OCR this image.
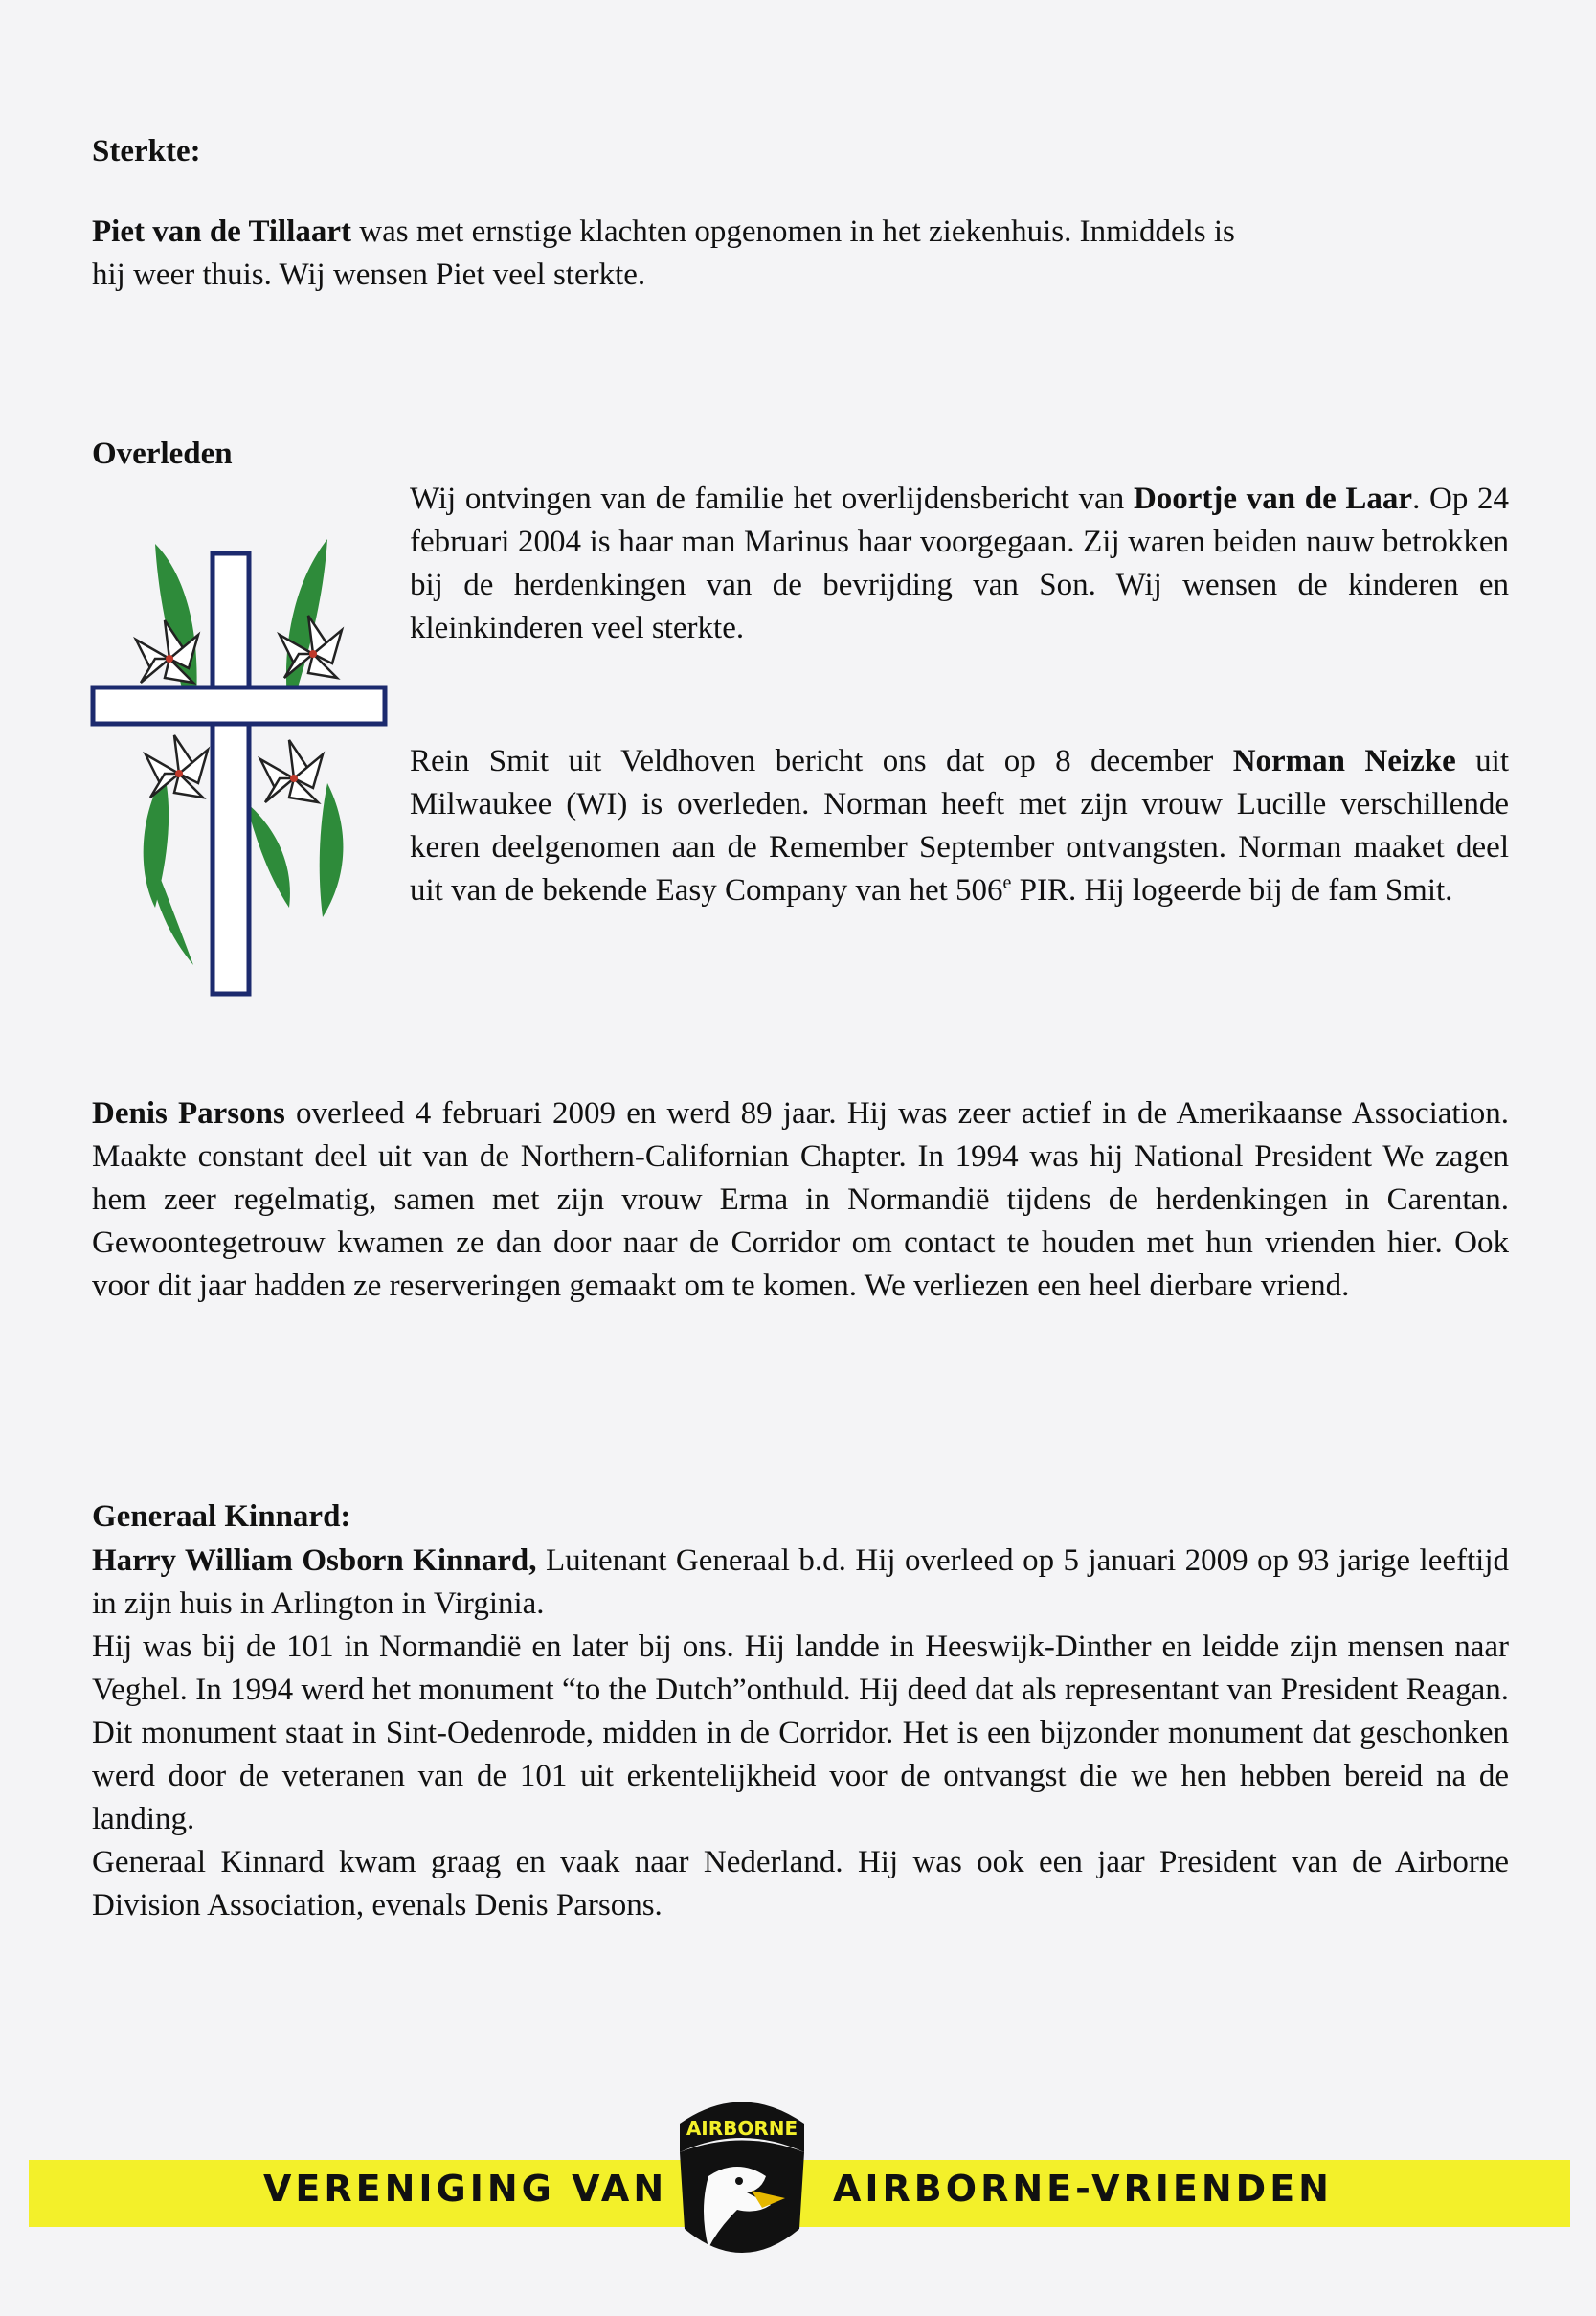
Sterkte:

Piet van de Tillaart was met ernstige klachten opgenomen in het ziekenhuis. Inmiddels is

hij weer thuis. Wij wensen Piet veel sterkte.

Overleden
Wij ontvingen van de familie het overlijdensbericht van Doortje van de Laar. Op 24 februari 2004 is haar man Marinus haar voorgegaan. Zij waren beiden nauw betrokken bij de herdenkingen van de bevrijding van Son. Wij wensen de kinderen en kleinkinderen veel sterkte.
Rein Smit uit Veldhoven bericht ons dat op 8 december Norman Neizke uit Milwaukee (WI) is overleden. Norman heeft met zijn vrouw Lucille verschillende keren deelgenomen aan de Remember September ontvangsten. Norman maaket deel uit van de bekende Easy Company van het 506e PIR. Hij logeerde bij de fam Smit.
Denis Parsons overleed 4 februari 2009 en werd 89 jaar. Hij was zeer actief in de Amerikaanse Association. Maakte constant deel uit van de Northern-Californian Chapter. In 1994 was hij National President We zagen hem zeer regelmatig, samen met zijn vrouw Erma in Normandië tijdens de herdenkingen in Carentan. Gewoontegetrouw kwamen ze dan door naar de Corridor om contact te houden met hun vrienden hier. Ook voor dit jaar hadden ze reserveringen gemaakt om te komen. We verliezen een heel dierbare vriend.
Generaal Kinnard:

Harry William Osborn Kinnard, Luitenant Generaal b.d. Hij overleed op 5 januari 2009 op 93 jarige leeftijd in zijn huis in Arlington in Virginia.

Hij was bij de 101 in Normandië en later bij ons. Hij landde in Heeswijk-Dinther en leidde zijn mensen naar Veghel. In 1994 werd het monument “to the Dutch”onthuld. Hij deed dat als representant van President Reagan. Dit monument staat in Sint-Oedenrode, midden in de Corridor. Het is een bijzonder monument dat geschonken werd door de veteranen van de 101 uit erkentelijkheid voor de ontvangst die we hen hebben bereid na de landing.

Generaal Kinnard kwam graag en vaak naar Nederland. Hij was ook een jaar President van de Airborne Division Association, evenals Denis Parsons.

VERENIGING VAN	AIRBORNE-VRIENDEN
AIRBORNE
